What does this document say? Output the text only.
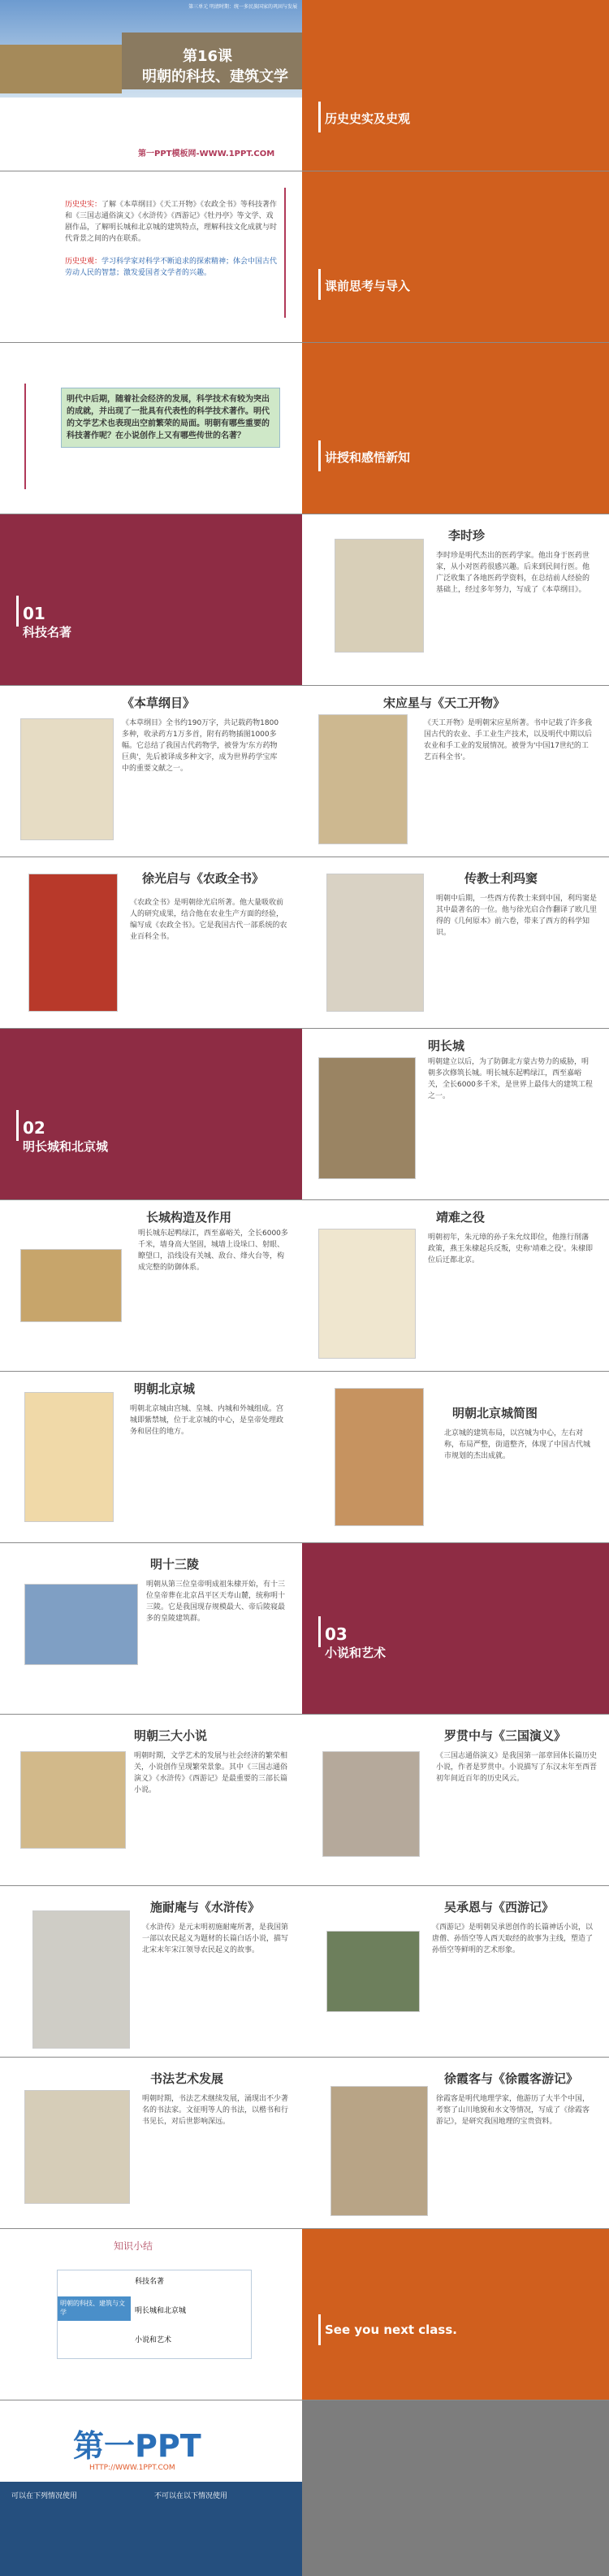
第三单元 明清时期：统一多民族国家的巩固与发展
第16课
明朝的科技、建筑文学
第一PPT模板网-WWW.1PPT.COM
历史史实及史观
历史史实：了解《本草纲目》《天工开物》《农政全书》等科技著作和《三国志通俗演义》《水浒传》《西游记》《牡丹亭》等文学、戏剧作品，了解明长城和北京城的建筑特点，理解科技文化成就与时代背景之间的内在联系。

历史史观：学习科学家对科学不断追求的探索精神；体会中国古代劳动人民的智慧；激发爱国者文学者的兴趣。
课前思考与导入
明代中后期，随着社会经济的发展，科学技术有较为突出的成就，并出现了一批具有代表性的科学技术著作。明代的文学艺术也表现出空前繁荣的局面。明朝有哪些重要的科技著作呢？在小说创作上又有哪些传世的名著？
讲授和感悟新知
01
科技名著
李时珍
李时珍是明代杰出的医药学家。他出身于医药世家，从小对医药很感兴趣。后来到民间行医。他广泛收集了各地医药学资料，在总结前人经验的基础上，经过多年努力，写成了《本草纲目》。
《本草纲目》
《本草纲目》全书约190万字，共记载药物1800多种，收录药方1万多首，附有药物插图1000多幅。它总结了我国古代药物学，被誉为'东方药物巨典'，先后被译成多种文字，成为世界药学宝库中的重要文献之一。
宋应星与《天工开物》
《天工开物》是明朝宋应星所著。书中记载了许多我国古代的农业、手工业生产技术，以及明代中期以后农业和手工业的发展情况。被誉为'中国17世纪的工艺百科全书'。
徐光启与《农政全书》
《农政全书》是明朝徐光启所著。他大量吸收前人的研究成果，结合他在农业生产方面的经验，编写成《农政全书》。它是我国古代一部系统的农业百科全书。
传教士利玛窦
明朝中后期，一些西方传教士来到中国，利玛窦是其中最著名的一位。他与徐光启合作翻译了欧几里得的《几何原本》前六卷，带来了西方的科学知识。
02
明长城和北京城
明长城
明朝建立以后，为了防御北方蒙古势力的威胁，明朝多次修筑长城。明长城东起鸭绿江，西至嘉峪关，全长6000多千米，是世界上最伟大的建筑工程之一。
长城构造及作用
明长城东起鸭绿江，西至嘉峪关，全长6000多千米，墙身高大坚固，城墙上设垛口、射眼、瞭望口，沿线设有关城、敌台、烽火台等，构成完整的防御体系。
靖难之役
明朝初年，朱元璋的孙子朱允炆即位，他推行削藩政策，燕王朱棣起兵反叛，史称'靖难之役'。朱棣即位后迁都北京。
明朝北京城
明朝北京城由宫城、皇城、内城和外城组成。宫城即紫禁城，位于北京城的中心，是皇帝处理政务和居住的地方。
明朝北京城简图
北京城的建筑布局，以宫城为中心，左右对称，布局严整，街道整齐，体现了中国古代城市规划的杰出成就。
明十三陵
明朝从第三位皇帝明成祖朱棣开始，有十三位皇帝葬在北京昌平区天寿山麓，统称明十三陵。它是我国现存规模最大、帝后陵寝最多的皇陵建筑群。
03
小说和艺术
明朝三大小说
明朝时期，文学艺术的发展与社会经济的繁荣相关，小说创作呈现繁荣景象。其中《三国志通俗演义》《水浒传》《西游记》是最重要的三部长篇小说。
罗贯中与《三国演义》
《三国志通俗演义》是我国第一部章回体长篇历史小说，作者是罗贯中。小说描写了东汉末年至西晋初年间近百年的历史风云。
施耐庵与《水浒传》
《水浒传》是元末明初施耐庵所著，是我国第一部以农民起义为题材的长篇白话小说，描写北宋末年宋江领导农民起义的故事。
吴承恩与《西游记》
《西游记》是明朝吴承恩创作的长篇神话小说，以唐僧、孙悟空等人西天取经的故事为主线，塑造了孙悟空等鲜明的艺术形象。
书法艺术发展
明朝时期，书法艺术继续发展，涌现出不少著名的书法家。文征明等人的书法，以楷书和行书见长，对后世影响深远。
徐霞客与《徐霞客游记》
徐霞客是明代地理学家，他游历了大半个中国，考察了山川地貌和水文等情况，写成了《徐霞客游记》，是研究我国地理的宝贵资料。
知识小结
科技名著
明朝的科技、建筑与文学	明长城和北京城
小说和艺术
See you next class.
第一PPT
HTTP://WWW.1PPT.COM
可以在下列情况使用	不可以在以下情况使用
